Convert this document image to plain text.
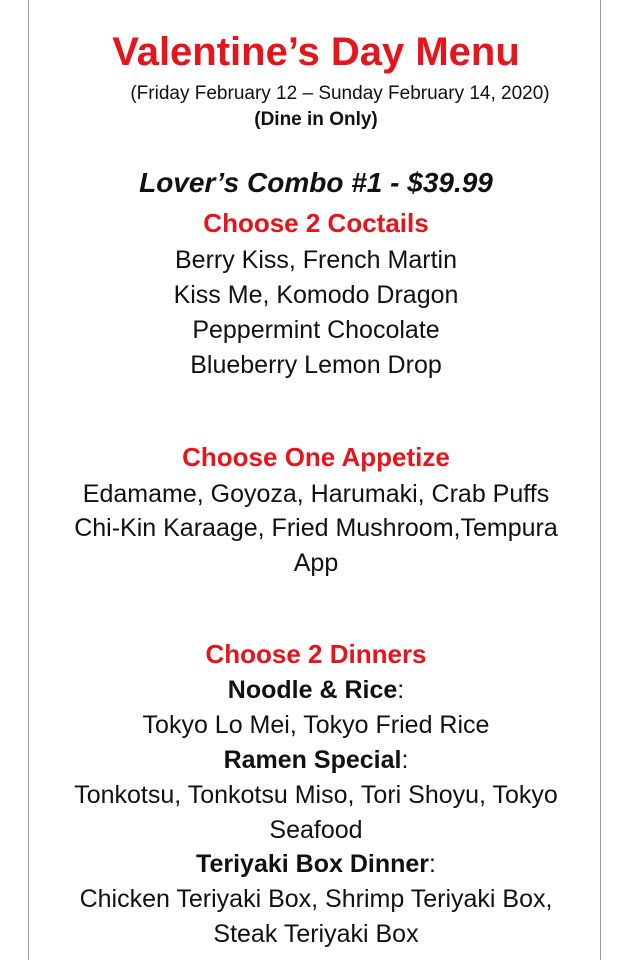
Valentine’s Day Menu
(Friday February 12 – Sunday February 14, 2020)
(Dine in Only)
Lover’s Combo #1 - $39.99
Choose 2 Coctails
Berry Kiss, French Martin
Kiss Me, Komodo Dragon
Peppermint Chocolate
Blueberry Lemon Drop
Choose One Appetize
Edamame, Goyoza, Harumaki, Crab Puffs
Chi-Kin Karaage, Fried Mushroom,Tempura
App
Choose 2 Dinners
Noodle & Rice:
Tokyo Lo Mei, Tokyo Fried Rice
Ramen Special:
Tonkotsu, Tonkotsu Miso, Tori Shoyu, Tokyo
Seafood
Teriyaki Box Dinner:
Chicken Teriyaki Box, Shrimp Teriyaki Box,
Steak Teriyaki Box
